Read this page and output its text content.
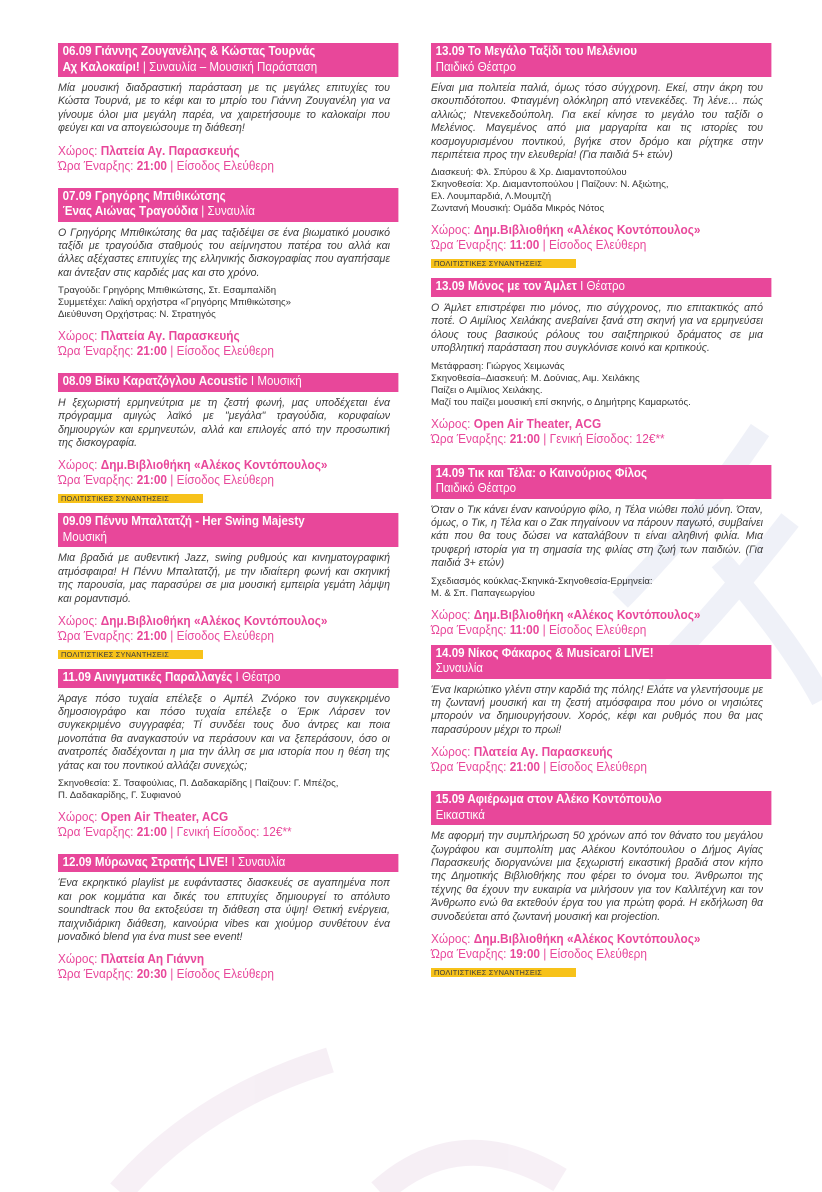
06.09 Γιάννης Ζουγανέλης & Κώστας Τουρνάς
Αχ Καλοκαίρι! | Συναυλία – Μουσική Παράσταση

Μία μουσική διαδραστική παράσταση με τις μεγάλες επιτυχίες του Κώστα Τουρνά, με το κέφι και το μπρίο του Γιάννη Ζουγανέλη για να γίνουμε όλοι μια μεγάλη παρέα, να χαιρετήσουμε το καλοκαίρι που φεύγει και να απογειώσουμε τη διάθεση!

Χώρος: Πλατεία Αγ. Παρασκευής
Ώρα Έναρξης: 21:00 | Είσοδος Ελεύθερη
07.09 Γρηγόρης Μπιθικώτσης
Ένας Αιώνας Τραγούδια | Συναυλία

Ο Γρηγόρης Μπιθικώτσης θα μας ταξιδέψει σε ένα βιωματικό μουσικό ταξίδι με τραγούδια σταθμούς του αείμνηστου πατέρα του αλλά και άλλες αξέχαστες επιτυχίες της ελληνικής δισκογραφίας που αγαπήσαμε και άντεξαν στις καρδιές μας και στο χρόνο.

Τραγούδι: Γρηγόρης Μπιθικώτσης, Στ. Εσαμπαλίδη
Συμμετέχει: Λαϊκή ορχήστρα «Γρηγόρης Μπιθικώτσης»
Διεύθυνση Ορχήστρας: Ν. Στρατηγός
Χώρος: Πλατεία Αγ. Παρασκευής
Ώρα Έναρξης: 21:00 | Είσοδος Ελεύθερη
08.09 Βίκυ Καρατζόγλου Acoustic I Μουσική

Η ξεχωριστή ερμηνεύτρια με τη ζεστή φωνή, μας υποδέχεται ένα πρόγραμμα αμιγώς λαϊκό με "μεγάλα" τραγούδια, κορυφαίων δημιουργών και ερμηνευτών, αλλά και επιλογές από την προσωπική της δισκογραφία.

Χώρος: Δημ.Βιβλιοθήκη «Αλέκος Κοντόπουλος»
Ώρα Έναρξης: 21:00 | Είσοδος Ελεύθερη
ΠΟΛΙΤΙΣΤΙΚΕΣ ΣΥΝΑΝΤΗΣΕΙΣ
09.09 Πέννυ Μπαλτατζή - Her Swing Majesty
Μουσική

Μια βραδιά με αυθεντική Jazz, swing ρυθμούς και κινηματογραφική ατμόσφαιρα! Η Πέννυ Μπαλτατζή, με την ιδιαίτερη φωνή και σκηνική της παρουσία, μας παρασύρει σε μια μουσική εμπειρία γεμάτη λάμψη και ρομαντισμό.

Χώρος: Δημ.Βιβλιοθήκη «Αλέκος Κοντόπουλος»
Ώρα Έναρξης: 21:00 | Είσοδος Ελεύθερη
ΠΟΛΙΤΙΣΤΙΚΕΣ ΣΥΝΑΝΤΗΣΕΙΣ
11.09 Αινιγματικές Παραλλαγές I Θέατρο

Άραγε πόσο τυχαία επέλεξε ο Αμπέλ Ζνόρκο τον συγκεκριμένο δημοσιογράφο και πόσο τυχαία επέλεξε ο Έρικ Λάρσεν τον συγκεκριμένο συγγραφέα; Τί συνδέει τους δυο άντρες και ποια μονοπάτια θα αναγκαστούν να περάσουν και να ξεπεράσουν, όσο οι ανατροπές διαδέχονται η μια την άλλη σε μια ιστορία που η θέση της γάτας και του ποντικού αλλάζει συνεχώς;

Σκηνοθεσία: Σ. Τσαφούλιας, Π. Δαδακαρίδης | Παίζουν: Γ. Μπέζος,
Π. Δαδακαρίδης, Γ. Συφιανού
Χώρος: Open Air Theater, ACG
Ώρα Έναρξης: 21:00 | Γενική Είσοδος: 12€**
12.09 Μύρωνας Στρατής LIVE! I Συναυλία

Ένα εκρηκτικό playlist με ευφάνταστες διασκευές σε αγαπημένα ποπ και ροκ κομμάτια και δικές του επιτυχίες δημιουργεί το απόλυτο soundtrack που θα εκτοξεύσει τη διάθεση στα ύψη! Θετική ενέργεια, παιχνιδιάρικη διάθεση, καινούρια vibes και χιούμορ συνθέτουν ένα μοναδικό blend για ένα must see event!

Χώρος: Πλατεία Αη Γιάννη
Ώρα Έναρξης: 20:30 | Είσοδος Ελεύθερη
13.09 Το Μεγάλο Ταξίδι του Μελένιου
Παιδικό Θέατρο

Είναι μια πολιτεία παλιά, όμως τόσο σύγχρονη. Εκεί, στην άκρη του σκουπιδότοπου. Φτιαγμένη ολόκληρη από ντενεκέδες. Τη λένε… πώς αλλιώς; Ντενεκεδούπολη. Για εκεί κίνησε το μεγάλο του ταξίδι ο Μελένιος. Μαγεμένος από μια μαργαρίτα και τις ιστορίες του κοσμογυρισμένου ποντικού, βγήκε στον δρόμο και ρίχτηκε στην περιπέτεια προς την ελευθερία! (Για παιδιά 5+ ετών)

Διασκευή: Φλ. Σπύρου & Χρ. Διαμαντοπούλου
Σκηνοθεσία: Χρ. Διαμαντοπούλου | Παίζουν: Ν. Αξιώτης,
Ελ. Λουμπαρδιά, Λ.Μουμτζή
Ζωντανή Μουσική: Ομάδα Μικρός Νότος
Χώρος: Δημ.Βιβλιοθήκη «Αλέκος Κοντόπουλος»
Ώρα Έναρξης: 11:00 | Είσοδος Ελεύθερη
ΠΟΛΙΤΙΣΤΙΚΕΣ ΣΥΝΑΝΤΗΣΕΙΣ
13.09 Μόνος με τον Άμλετ I Θέατρο

Ο Άμλετ επιστρέφει πιο μόνος, πιο σύγχρονος, πιο επιτακτικός από ποτέ. Ο Αιμίλιος Χειλάκης ανεβαίνει ξανά στη σκηνή για να ερμηνεύσει όλους τους βασικούς ρόλους του σαιξπηρικού δράματος σε μια υποβλητική παράσταση που συγκλόνισε κοινό και κριτικούς.

Μετάφραση: Γιώργος Χειμωνάς
Σκηνοθεσία–Διασκευή: Μ. Δούνιας, Αιμ. Χειλάκης
Παίζει ο Αιμίλιος Χειλάκης.
Μαζί του παίζει μουσική επί σκηνής, ο Δημήτρης Καμαρωτός.
Χώρος: Open Air Theater, ACG
Ώρα Έναρξης: 21:00 | Γενική Είσοδος: 12€**
14.09 Τικ και Τέλα: ο Καινούριος Φίλος
Παιδικό Θέατρο

Όταν ο Τικ κάνει έναν καινούργιο φίλο, η Τέλα νιώθει πολύ μόνη. Όταν, όμως, ο Τικ, η Τέλα και ο Ζακ πηγαίνουν να πάρουν παγωτό, συμβαίνει κάτι που θα τους δώσει να καταλάβουν τι είναι αληθινή φιλία. Μια τρυφερή ιστορία για τη σημασία της φιλίας στη ζωή των παιδιών. (Για παιδιά 3+ ετών)

Σχεδιασμός κούκλας-Σκηνικά-Σκηνοθεσία-Ερμηνεία:
Μ. & Σπ. Παπαγεωργίου
Χώρος: Δημ.Βιβλιοθήκη «Αλέκος Κοντόπουλος»
Ώρα Έναρξης: 11:00 | Είσοδος Ελεύθερη
14.09 Νίκος Φάκαρος & Musicaroi LIVE!
Συναυλία

Ένα Ικαριώτικο γλέντι στην καρδιά της πόλης! Ελάτε να γλεντήσουμε με τη ζωντανή μουσική και τη ζεστή ατμόσφαιρα που μόνο οι νησιώτες μπορούν να δημιουργήσουν. Χορός, κέφι και ρυθμός που θα μας παρασύρουν μέχρι το πρωί!

Χώρος: Πλατεία Αγ. Παρασκευής
Ώρα Έναρξης: 21:00 | Είσοδος Ελεύθερη
15.09 Αφιέρωμα στον Αλέκο Κοντόπουλο
Εικαστικά

Με αφορμή την συμπλήρωση 50 χρόνων από τον θάνατο του μεγάλου ζωγράφου και συμπολίτη μας Αλέκου Κοντόπουλου ο Δήμος Αγίας Παρασκευής διοργανώνει μια ξεχωριστή εικαστική βραδιά στον κήπο της Δημοτικής Βιβλιοθήκης που φέρει το όνομα του. Άνθρωποι της τέχνης θα έχουν την ευκαιρία να μιλήσουν για τον Καλλιτέχνη και τον Άνθρωπο ενώ θα εκτεθούν έργα του για πρώτη φορά. Η εκδήλωση θα συνοδεύεται από ζωντανή μουσική και projection.

Χώρος: Δημ.Βιβλιοθήκη «Αλέκος Κοντόπουλος»
Ώρα Έναρξης: 19:00 | Είσοδος Ελεύθερη
ΠΟΛΙΤΙΣΤΙΚΕΣ ΣΥΝΑΝΤΗΣΕΙΣ
